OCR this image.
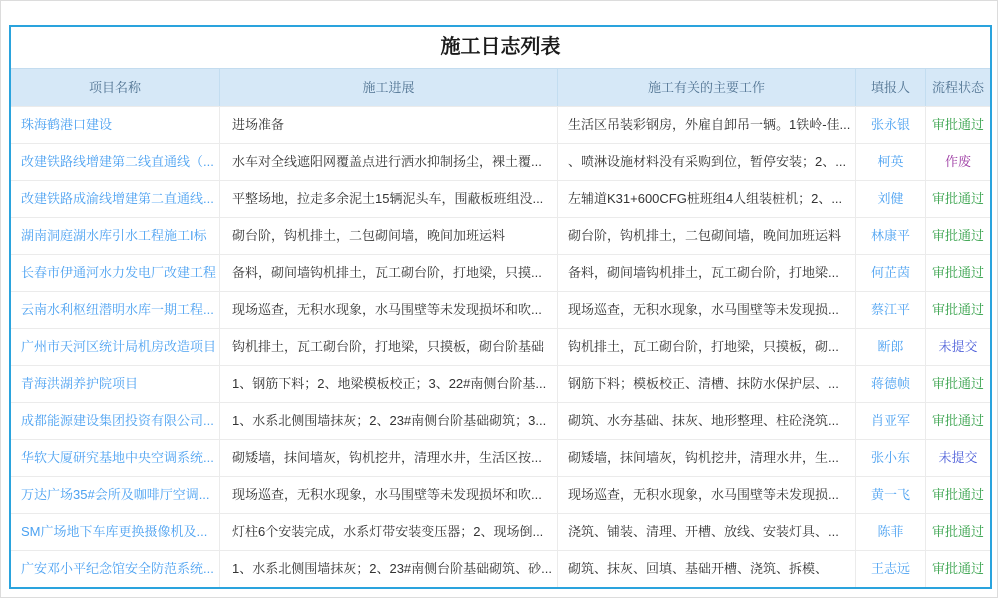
施工日志列表
项目名称	施工进展	施工有关的主要工作	填报人	流程状态
珠海鹤港口建设	进场准备	生活区吊装彩钢房，外雇自卸吊一辆。1铁岭-佳...	张永银	审批通过
改建铁路线增建第二线直通线（...	水车对全线遮阳网覆盖点进行洒水抑制扬尘，裸土覆...	、喷淋设施材料没有采购到位，暂停安装；2、...	柯英	作废
改建铁路成渝线增建第二直通线...	平整场地，拉走多余泥土15辆泥头车，围蔽板班组没...	左辅道K31+600CFG桩班组4人组装桩机；2、...	刘健	审批通过
湖南洞庭湖水库引水工程施工I标	砌台阶，钩机排土，二包砌间墙，晚间加班运料	砌台阶，钩机排土，二包砌间墙，晚间加班运料	林康平	审批通过
长春市伊通河水力发电厂改建工程	备料，砌间墙钩机排土，瓦工砌台阶，打地梁，只摸...	备料，砌间墙钩机排土，瓦工砌台阶，打地梁...	何芷茵	审批通过
云南水利枢纽潜明水库一期工程...	现场巡查，无积水现象，水马围壁等未发现损坏和吹...	现场巡查，无积水现象，水马围壁等未发现损...	蔡江平	审批通过
广州市天河区统计局机房改造项目	钩机排土，瓦工砌台阶，打地梁，只摸板，砌台阶基础	钩机排土，瓦工砌台阶，打地梁，只摸板，砌...	断郎	未提交
青海洪湖养护院项目	1、钢筋下料；2、地梁模板校正；3、22#南侧台阶基...	钢筋下料；模板校正、清槽、抹防水保护层、...	蒋德帧	审批通过
成都能源建设集团投资有限公司...	1、水系北侧围墙抹灰；2、23#南侧台阶基础砌筑；3...	砌筑、水夯基础、抹灰、地形整理、柱砼浇筑...	肖亚军	审批通过
华软大厦研究基地中央空调系统...	砌矮墙，抹间墙灰，钩机挖井，清理水井，生活区按...	砌矮墙，抹间墙灰，钩机挖井，清理水井，生...	张小东	未提交
万达广场35#会所及咖啡厅空调...	现场巡查，无积水现象，水马围壁等未发现损坏和吹...	现场巡查，无积水现象，水马围壁等未发现损...	黄一飞	审批通过
SM广场地下车库更换摄像机及...	灯柱6个安装完成，水系灯带安装变压器；2、现场倒...	浇筑、铺装、清理、开槽、放线、安装灯具、...	陈菲	审批通过
广安邓小平纪念馆安全防范系统...	1、水系北侧围墙抹灰；2、23#南侧台阶基础砌筑、砂...	砌筑、抹灰、回填、基础开槽、浇筑、拆模、	王志远	审批通过
